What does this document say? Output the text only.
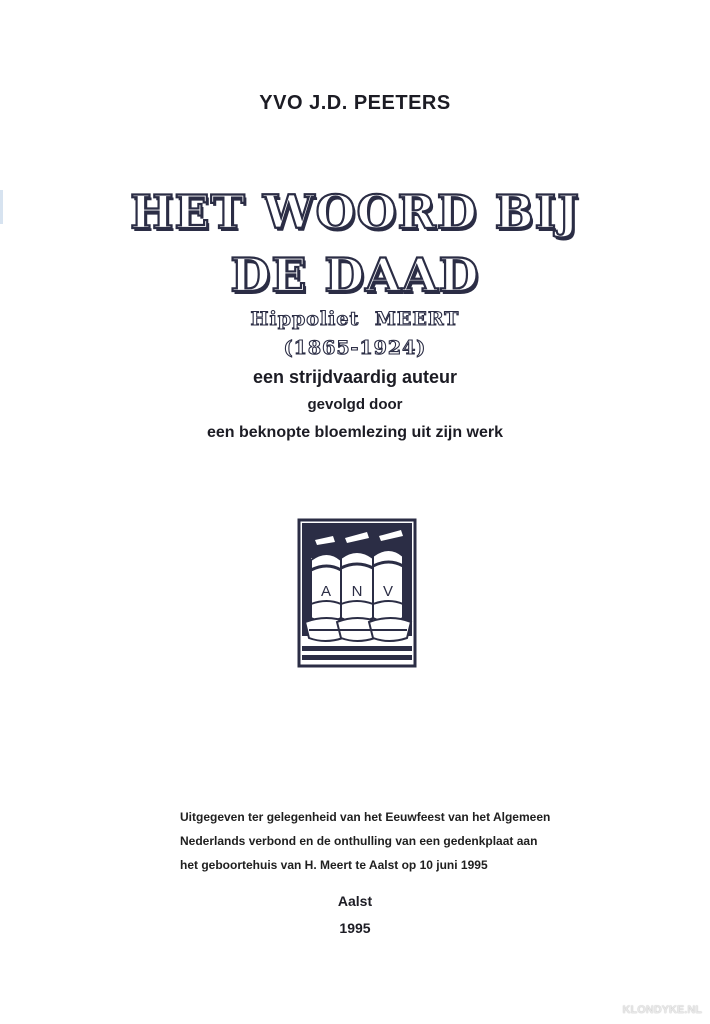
YVO J.D. PEETERS
HET WOORD BIJ
DE DAAD
Hippoliet MEERT
(1865-1924)
een strijdvaardig auteur
gevolgd door
een beknopte bloemlezing uit zijn werk
A N V
Uitgegeven ter gelegenheid van het Eeuwfeest van het Algemeen
Nederlands verbond en de onthulling van een gedenkplaat aan
het geboortehuis van H. Meert te Aalst op 10 juni 1995
Aalst
1995
KLONDYKE.NL
